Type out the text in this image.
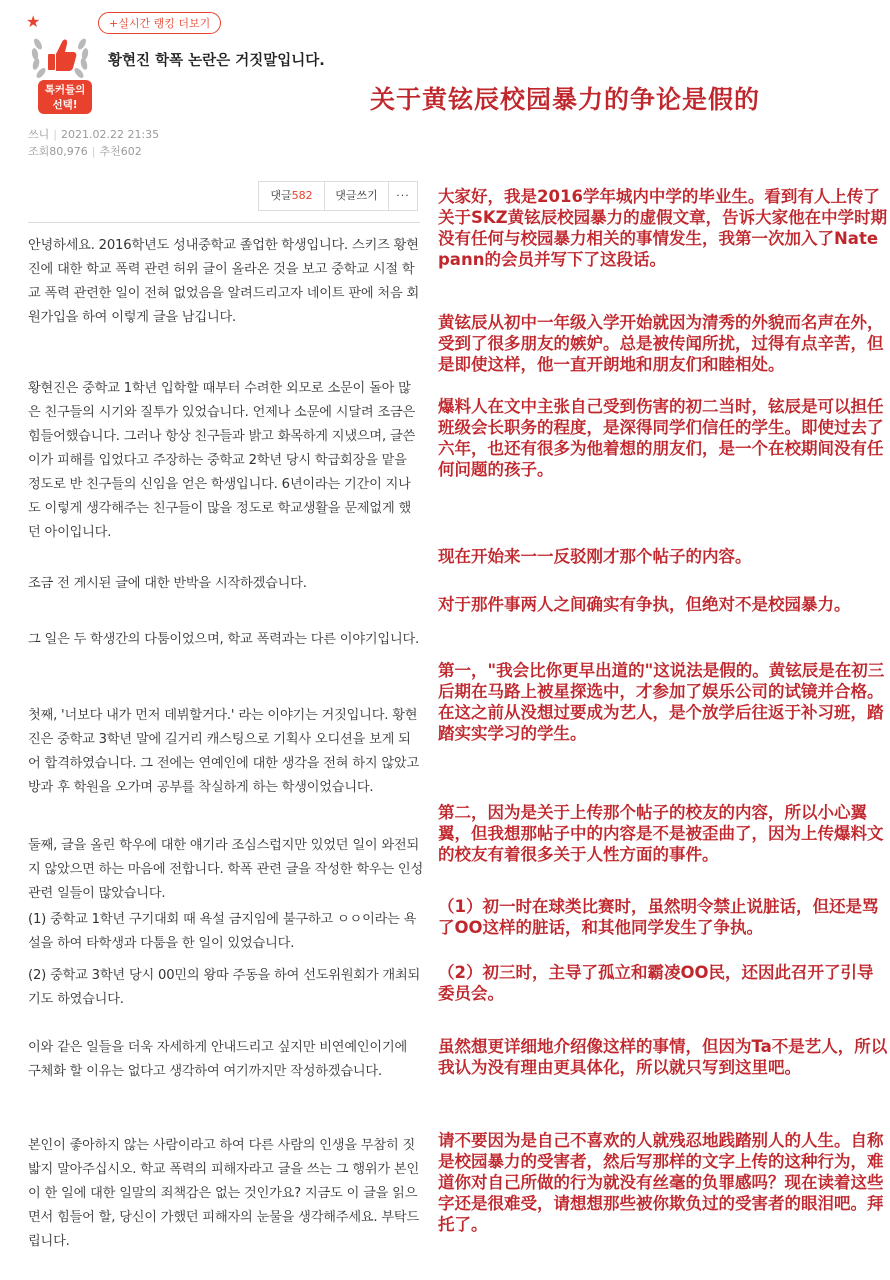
★
톡커들의
선택!
+실시간 랭킹 더보기
황현진 학폭 논란은 거짓말입니다.
关于黄铉辰校园暴力的争论是假的
쓰니 | 2021.02.22 21:35
조회80,976 | 추천602
댓글582	댓글쓰기	···

안녕하세요. 2016학년도 성내중학교 졸업한 학생입니다. 스키즈 황현진에 대한 학교 폭력 관련 허위 글이 올라온 것을 보고 중학교 시절 학교 폭력 관련한 일이 전혀 없었음을 알려드리고자 네이트 판에 처음 회원가입을 하여 이렇게 글을 남깁니다.

황현진은 중학교 1학년 입학할 때부터 수려한 외모로 소문이 돌아 많은 친구들의 시기와 질투가 있었습니다. 언제나 소문에 시달려 조금은 힘들어했습니다. 그러나 항상 친구들과 밝고 화목하게 지냈으며, 글쓴이가 피해를 입었다고 주장하는 중학교 2학년 당시 학급회장을 맡을 정도로 반 친구들의 신임을 얻은 학생입니다. 6년이라는 기간이 지나도 이렇게 생각해주는 친구들이 많을 정도로 학교생활을 문제없게 했던 아이입니다.

조금 전 게시된 글에 대한 반박을 시작하겠습니다.

그 일은 두 학생간의 다툼이었으며, 학교 폭력과는 다른 이야기입니다.

첫째, '너보다 내가 먼저 데뷔할거다.' 라는 이야기는 거짓입니다. 황현진은 중학교 3학년 말에 길거리 캐스팅으로 기획사 오디션을 보게 되어 합격하였습니다. 그 전에는 연예인에 대한 생각을 전혀 하지 않았고 방과 후 학원을 오가며 공부를 착실하게 하는 학생이었습니다.

둘째, 글을 올린 학우에 대한 얘기라 조심스럽지만 있었던 일이 와전되지 않았으면 하는 마음에 전합니다. 학폭 관련 글을 작성한 학우는 인성관련 일들이 많았습니다.

(1) 중학교 1학년 구기대회 때 욕설 금지임에 불구하고 ㅇㅇ이라는 욕설을 하여 타학생과 다툼을 한 일이 있었습니다.

(2) 중학교 3학년 당시 00민의 왕따 주동을 하여 선도위원회가 개최되기도 하였습니다.

이와 같은 일들을 더욱 자세하게 안내드리고 싶지만 비연예인이기에 구체화 할 이유는 없다고 생각하여 여기까지만 작성하겠습니다.

본인이 좋아하지 않는 사람이라고 하여 다른 사람의 인생을 무참히 짓밟지 말아주십시오. 학교 폭력의 피해자라고 글을 쓰는 그 행위가 본인이 한 일에 대한 일말의 죄책감은 없는 것인가요? 지금도 이 글을 읽으면서 힘들어 할, 당신이 가했던 피해자의 눈물을 생각해주세요. 부탁드립니다.

大家好，我是2016学年城内中学的毕业生。看到有人上传了关于SKZ黄铉辰校园暴力的虚假文章，告诉大家他在中学时期没有任何与校园暴力相关的事情发生，我第一次加入了Nate pann的会员并写下了这段话。

黄铉辰从初中一年级入学开始就因为清秀的外貌而名声在外，受到了很多朋友的嫉妒。总是被传闻所扰，过得有点辛苦，但是即使这样，他一直开朗地和朋友们和睦相处。

爆料人在文中主张自己受到伤害的初二当时，铉辰是可以担任班级会长职务的程度，是深得同学们信任的学生。即使过去了六年，也还有很多为他着想的朋友们，是一个在校期间没有任何问题的孩子。

现在开始来一一反驳刚才那个帖子的内容。

对于那件事两人之间确实有争执，但绝对不是校园暴力。

第一，"我会比你更早出道的"这说法是假的。黄铉辰是在初三后期在马路上被星探选中，才参加了娱乐公司的试镜并合格。在这之前从没想过要成为艺人，是个放学后往返于补习班，踏踏实实学习的学生。

第二，因为是关于上传那个帖子的校友的内容，所以小心翼翼，但我想那帖子中的内容是不是被歪曲了，因为上传爆料文的校友有着很多关于人性方面的事件。

（1）初一时在球类比赛时，虽然明令禁止说脏话，但还是骂了OO这样的脏话，和其他同学发生了争执。

（2）初三时，主导了孤立和霸凌OO民，还因此召开了引导委员会。

虽然想更详细地介绍像这样的事情，但因为Ta不是艺人，所以我认为没有理由更具体化，所以就只写到这里吧。

请不要因为是自己不喜欢的人就残忍地践踏别人的人生。自称是校园暴力的受害者，然后写那样的文字上传的这种行为，难道你对自己所做的行为就没有丝毫的负罪感吗？现在读着这些字还是很难受，请想想那些被你欺负过的受害者的眼泪吧。拜托了。
